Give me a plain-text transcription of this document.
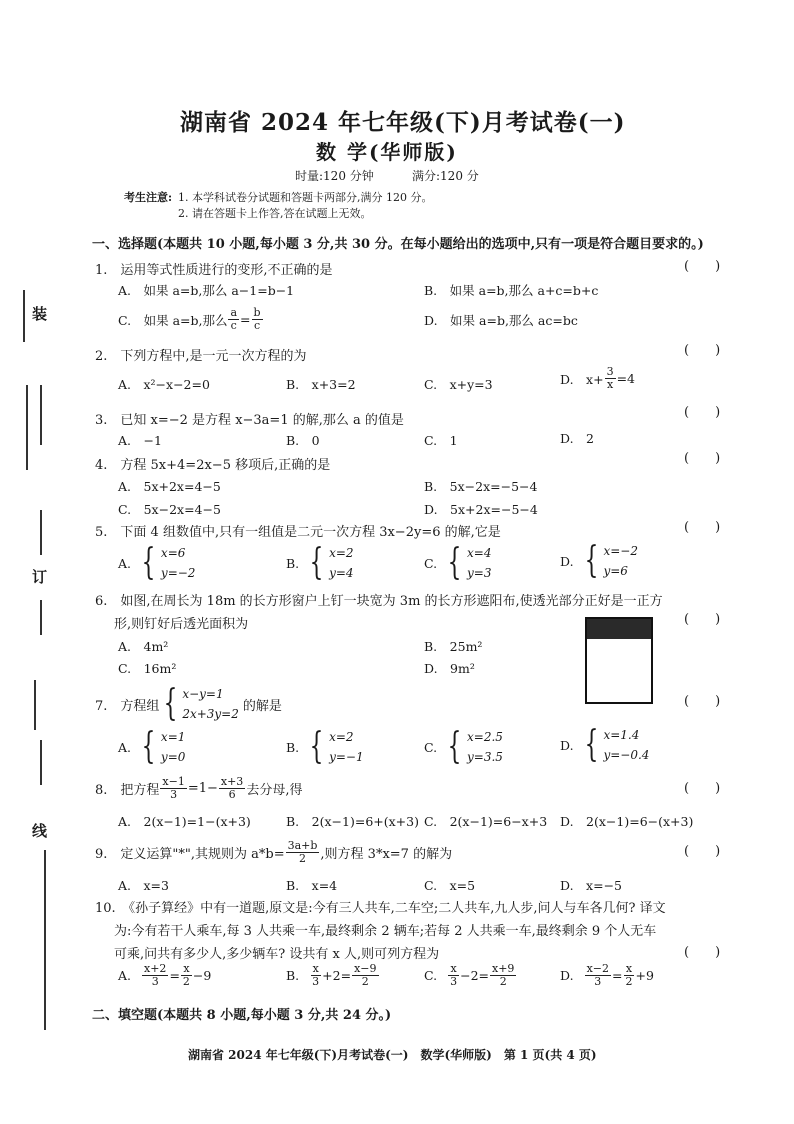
湖南省 2024 年七年级(下)月考试卷(一)
数 学(华师版)
时量:120 分钟	满分:120 分
考生注意: 1. 本学科试卷分试题和答题卡两部分,满分 120 分。
2. 请在答题卡上作答,答在试题上无效。
装
订
线
一、选择题(本题共 10 小题,每小题 3 分,共 30 分。在每小题给出的选项中,只有一项是符合题目要求的。)
1.　运用等式性质进行的变形,不正确的是	(　　)
A.　如果 a=b,那么 a−1=b−1	B.　如果 a=b,那么 a+c=b+c
C.　如果 a=b,那么 $\frac{a}{c} = \frac{b}{c}$	D.　如果 a=b,那么 ac=bc
2.　下列方程中,是一元一次方程的为	(　　)
A.　x²−x−2=0	B.　x+3=2	C.　x+y=3	D.　$x+ \frac{3}{x} =4$
3.　已知 x=−2 是方程 x−3a=1 的解,那么 a 的值是
(　　)
A.　−1	B.　0	C.　1	D.　2
4.　方程 5x+4=2x−5 移项后,正确的是	(　　)
A.　5x+2x=4−5	B.　5x−2x=−5−4
C.　5x−2x=4−5	D.　5x+2x=−5−4
5.　下面 4 组数值中,只有一组值是二元一次方程 3x−2y=6 的解,它是	(　　)
A. { x=6
y=−2
B. { x=2
y=4
C. { x=4
y=3
D. { x=−2
y=6
6.　如图,在周长为 18m 的长方形窗户上钉一块宽为 3m 的长方形遮阳布,使透光部分正好是一正方
形,则钉好后透光面积为	(　　)
A.　4m²	B.　25m²
C.　16m²	D.　9m²
7.　方程组 { x−y=1
2x+3y=2
的解是	(　　)
A. { x=1
y=0
B. { x=2
y=−1
C. { x=2.5
y=3.5
D. { x=1.4
y=−0.4
8.　把方程 $\frac{x-1}{3} =1- \frac{x+3}{6}$ 去分母,得	(　　)
A.　2(x−1)=1−(x+3)	B.　2(x−1)=6+(x+3) C.　2(x−1)=6−x+3 D.　2(x−1)=6−(x+3)
9.　定义运算"*",其规则为 $a*b= \frac{3a+b}{2}$ ,则方程 3*x=7 的解为	(　　)
A.　x=3	B.　x=4	C.　x=5	D.　x=−5
10.　《孙子算经》中有一道题,原文是:今有三人共车,二车空;二人共车,九人步,问人与车各几何? 译文
为:今有若干人乘车,每 3 人共乘一车,最终剩余 2 辆车;若每 2 人共乘一车,最终剩余 9 个人无车
可乘,问共有多少人,多少辆车? 设共有 x 人,则可列方程为	(　　)
A. $\frac{x+2}{3} = \frac{x}{2} -9$	B. $\frac{x}{3} +2= \frac{x-9}{2}$	C. $\frac{x}{3} -2= \frac{x+9}{2}$	D. $\frac{x-2}{3} = \frac{x}{2} +9$
二、填空题(本题共 8 小题,每小题 3 分,共 24 分。)
湖南省 2024 年七年级(下)月考试卷(一)　数学(华师版)　第 1 页(共 4 页)
